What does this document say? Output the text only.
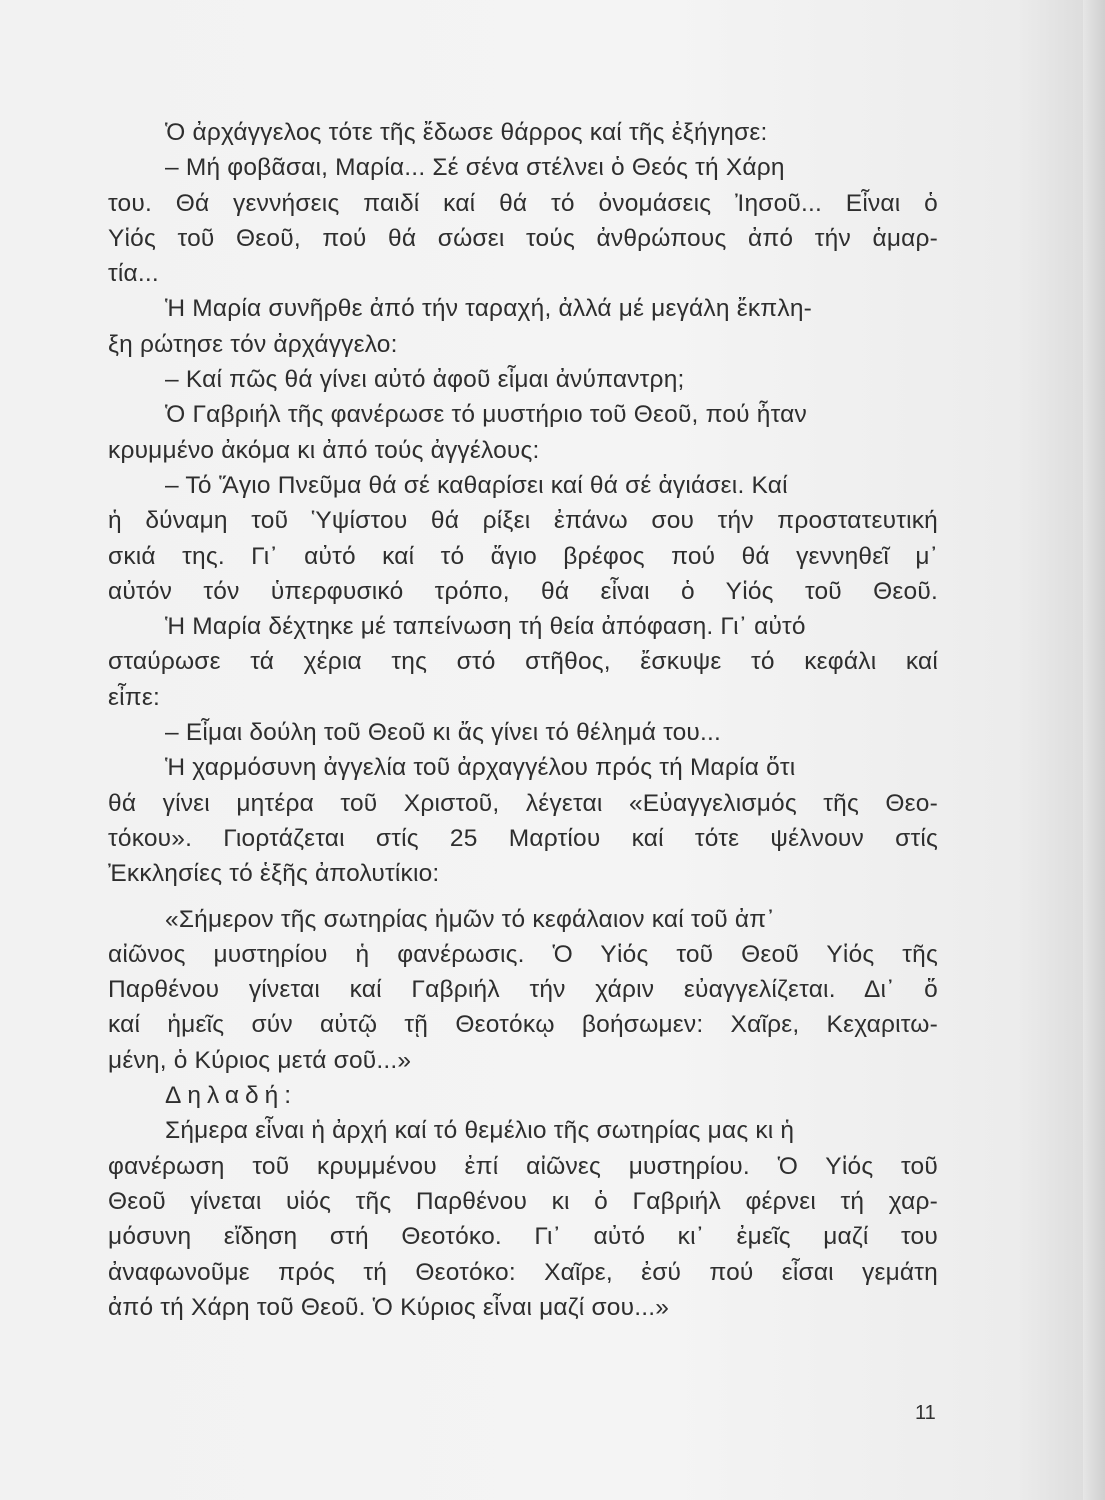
Ὁ ἀρχάγγελος τότε τῆς ἔδωσε θάρρος καί τῆς ἐξήγησε:
– Μή φοβᾶσαι, Μαρία... Σέ σένα στέλνει ὁ Θεός τή Χάρη
του. Θά γεννήσεις παιδί καί θά τό ὀνομάσεις Ἰησοῦ... Εἶναι ὁ
Υἱός τοῦ Θεοῦ, πού θά σώσει τούς ἀνθρώπους ἀπό τήν ἁμαρ-
τία...
Ἡ Μαρία συνῆρθε ἀπό τήν ταραχή, ἀλλά μέ μεγάλη ἔκπλη-
ξη ρώτησε τόν ἀρχάγγελο:
– Καί πῶς θά γίνει αὐτό ἀφοῦ εἶμαι ἀνύπαντρη;
Ὁ Γαβριήλ τῆς φανέρωσε τό μυστήριο τοῦ Θεοῦ, πού ἦταν
κρυμμένο ἀκόμα κι ἀπό τούς ἀγγέλους:
– Τό Ἅγιο Πνεῦμα θά σέ καθαρίσει καί θά σέ ἁγιάσει. Καί
ἡ δύναμη τοῦ Ὑψίστου θά ρίξει ἐπάνω σου τήν προστατευτική
σκιά της. Γι᾽ αὐτό καί τό ἅγιο βρέφος πού θά γεννηθεῖ μ᾽
αὐτόν τόν ὑπερφυσικό τρόπο, θά εἶναι ὁ Υἱός τοῦ Θεοῦ.
Ἡ Μαρία δέχτηκε μέ ταπείνωση τή θεία ἀπόφαση. Γι᾽ αὐτό
σταύρωσε τά χέρια της στό στῆθος, ἔσκυψε τό κεφάλι καί
εἶπε:
– Εἶμαι δούλη τοῦ Θεοῦ κι ἄς γίνει τό θέλημά του...
Ἡ χαρμόσυνη ἀγγελία τοῦ ἀρχαγγέλου πρός τή Μαρία ὅτι
θά γίνει μητέρα τοῦ Χριστοῦ, λέγεται «Εὐαγγελισμός τῆς Θεο-
τόκου». Γιορτάζεται στίς 25 Μαρτίου καί τότε ψέλνουν στίς
Ἐκκλησίες τό ἑξῆς ἀπολυτίκιο:
«Σήμερον τῆς σωτηρίας ἡμῶν τό κεφάλαιον καί τοῦ ἀπ᾽
αἰῶνος μυστηρίου ἡ φανέρωσις. Ὁ Υἱός τοῦ Θεοῦ Υἱός τῆς
Παρθένου γίνεται καί Γαβριήλ τήν χάριν εὐαγγελίζεται. Δι᾽ ὅ
καί ἡμεῖς σύν αὐτῷ τῇ Θεοτόκῳ βοήσωμεν: Χαῖρε, Κεχαριτω-
μένη, ὁ Κύριος μετά σοῦ...»
Δηλαδή:
Σήμερα εἶναι ἡ ἀρχή καί τό θεμέλιο τῆς σωτηρίας μας κι ἡ
φανέρωση τοῦ κρυμμένου ἐπί αἰῶνες μυστηρίου. Ὁ Υἱός τοῦ
Θεοῦ γίνεται υἱός τῆς Παρθένου κι ὁ Γαβριήλ φέρνει τή χαρ-
μόσυνη εἴδηση στή Θεοτόκο. Γι᾽ αὐτό κι᾽ ἐμεῖς μαζί του
ἀναφωνοῦμε πρός τή Θεοτόκο: Χαῖρε, ἐσύ πού εἶσαι γεμάτη
ἀπό τή Χάρη τοῦ Θεοῦ. Ὁ Κύριος εἶναι μαζί σου...»
11
